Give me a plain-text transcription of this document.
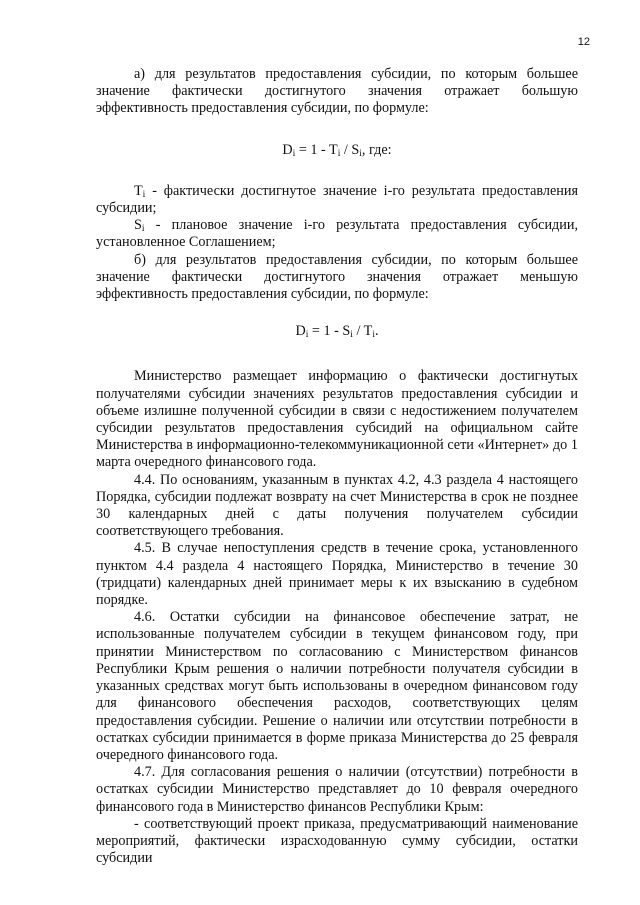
12

а) для результатов предоставления субсидии, по которым большее значение фактически достигнутого значения отражает большую эффективность предоставления субсидии, по формуле:

$D_i = 1 - T_i / S_i$, где:

$T_i$ - фактически достигнутое значение i-го результата предоставления субсидии;

$S_i$ - плановое значение i-го результата предоставления субсидии, установленное Соглашением;

б) для результатов предоставления субсидии, по которым большее значение фактически достигнутого значения отражает меньшую эффективность предоставления субсидии, по формуле:

$D_i = 1 - S_i / T_i$.

Министерство размещает информацию о фактически достигнутых получателями субсидии значениях результатов предоставления субсидии и объеме излишне полученной субсидии в связи с недостижением получателем субсидии результатов предоставления субсидий на официальном сайте Министерства в информационно-телекоммуникационной сети «Интернет» до 1 марта очередного финансового года.

4.4. По основаниям, указанным в пунктах 4.2, 4.3 раздела 4 настоящего Порядка, субсидии подлежат возврату на счет Министерства в срок не позднее 30 календарных дней с даты получения получателем субсидии соответствующего требования.

4.5. В случае непоступления средств в течение срока, установленного пунктом 4.4 раздела 4 настоящего Порядка, Министерство в течение 30 (тридцати) календарных дней принимает меры к их взысканию в судебном порядке.

4.6. Остатки субсидии на финансовое обеспечение затрат, не использованные получателем субсидии в текущем финансовом году, при принятии Министерством по согласованию с Министерством финансов Республики Крым решения о наличии потребности получателя субсидии в указанных средствах могут быть использованы в очередном финансовом году для финансового обеспечения расходов, соответствующих целям предоставления субсидии. Решение о наличии или отсутствии потребности в остатках субсидии принимается в форме приказа Министерства до 25 февраля очередного финансового года.

4.7. Для согласования решения о наличии (отсутствии) потребности в остатках субсидии Министерство представляет до 10 февраля очередного финансового года в Министерство финансов Республики Крым:

- соответствующий проект приказа, предусматривающий наименование мероприятий, фактически израсходованную сумму субсидии, остатки субсидии
